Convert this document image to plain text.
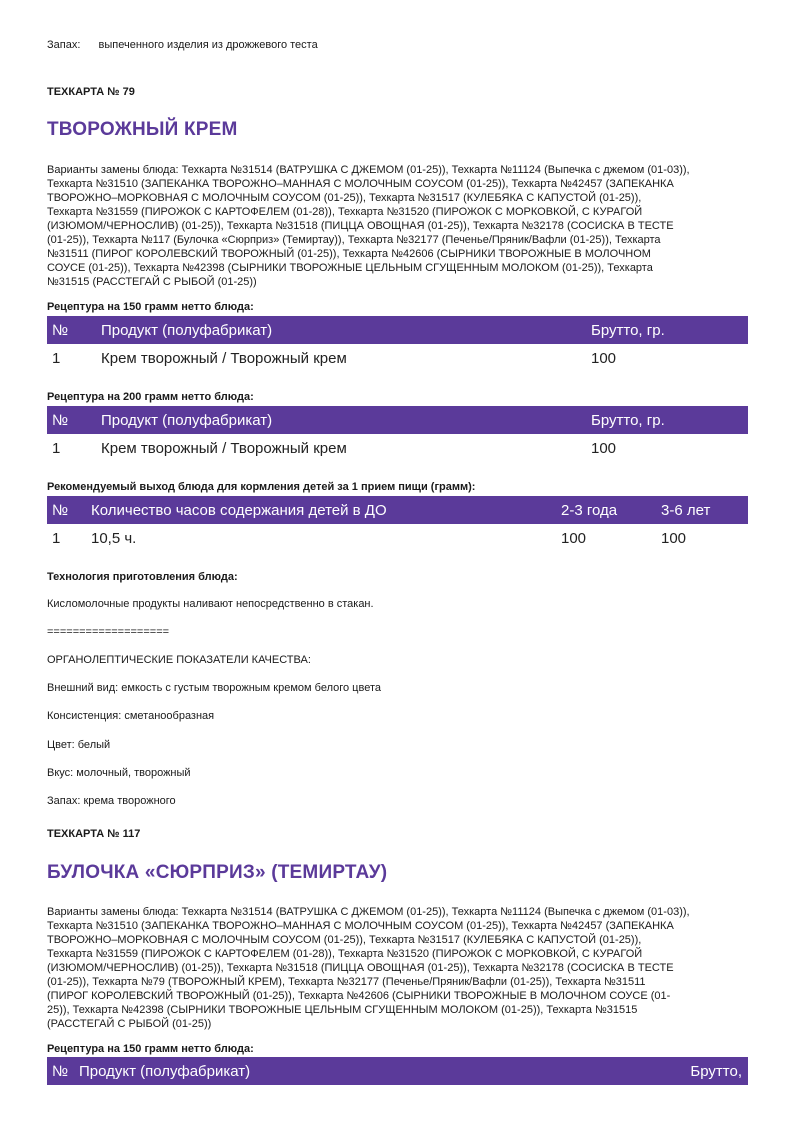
Запах: выпеченного изделия из дрожжевого теста
ТЕХКАРТА № 79
ТВОРОЖНЫЙ КРЕМ
Варианты замены блюда: Техкарта №31514 (ВАТРУШКА С ДЖЕМОМ (01-25)), Техкарта №11124 (Выпечка с джемом (01-03)),
Техкарта №31510 (ЗАПЕКАНКА ТВОРОЖНО–МАННАЯ С МОЛОЧНЫМ СОУСОМ (01-25)), Техкарта №42457 (ЗАПЕКАНКА
ТВОРОЖНО–МОРКОВНАЯ С МОЛОЧНЫМ СОУСОМ (01-25)), Техкарта №31517 (КУЛЕБЯКА С КАПУСТОЙ (01-25)),
Техкарта №31559 (ПИРОЖОК С КАРТОФЕЛЕМ (01-28)), Техкарта №31520 (ПИРОЖОК С МОРКОВКОЙ, С КУРАГОЙ
(ИЗЮМОМ/ЧЕРНОСЛИВ) (01-25)), Техкарта №31518 (ПИЦЦА ОВОЩНАЯ (01-25)), Техкарта №32178 (СОСИСКА В ТЕСТЕ
(01-25)), Техкарта №117 (Булочка «Сюрприз» (Темиртау)), Техкарта №32177 (Печенье/Пряник/Вафли (01-25)), Техкарта
№31511 (ПИРОГ КОРОЛЕВСКИЙ ТВОРОЖНЫЙ (01-25)), Техкарта №42606 (СЫРНИКИ ТВОРОЖНЫЕ В МОЛОЧНОМ
СОУСЕ (01-25)), Техкарта №42398 (СЫРНИКИ ТВОРОЖНЫЕ ЦЕЛЬНЫМ СГУЩЕННЫМ МОЛОКОМ (01-25)), Техкарта
№31515 (РАССТЕГАЙ С РЫБОЙ (01-25))
Рецептура на 150 грамм нетто блюда:
№	Продукт (полуфабрикат)	Брутто, гр.
1	Крем творожный / Творожный крем	100
Рецептура на 200 грамм нетто блюда:
№	Продукт (полуфабрикат)	Брутто, гр.
1	Крем творожный / Творожный крем	100
Рекомендуемый выход блюда для кормления детей за 1 прием пищи (грамм):
№	Количество часов содержания детей в ДО	2-3 года	3-6 лет
1	10,5 ч.	100	100
Технология приготовления блюда:
Кисломолочные продукты наливают непосредственно в стакан.
===================
ОРГАНОЛЕПТИЧЕСКИЕ ПОКАЗАТЕЛИ КАЧЕСТВА:
Внешний вид: емкость с густым творожным кремом белого цвета
Консистенция: сметанообразная
Цвет: белый
Вкус: молочный, творожный
Запах: крема творожного
ТЕХКАРТА № 117
БУЛОЧКА «СЮРПРИЗ» (ТЕМИРТАУ)
Варианты замены блюда: Техкарта №31514 (ВАТРУШКА С ДЖЕМОМ (01-25)), Техкарта №11124 (Выпечка с джемом (01-03)),
Техкарта №31510 (ЗАПЕКАНКА ТВОРОЖНО–МАННАЯ С МОЛОЧНЫМ СОУСОМ (01-25)), Техкарта №42457 (ЗАПЕКАНКА
ТВОРОЖНО–МОРКОВНАЯ С МОЛОЧНЫМ СОУСОМ (01-25)), Техкарта №31517 (КУЛЕБЯКА С КАПУСТОЙ (01-25)),
Техкарта №31559 (ПИРОЖОК С КАРТОФЕЛЕМ (01-28)), Техкарта №31520 (ПИРОЖОК С МОРКОВКОЙ, С КУРАГОЙ
(ИЗЮМОМ/ЧЕРНОСЛИВ) (01-25)), Техкарта №31518 (ПИЦЦА ОВОЩНАЯ (01-25)), Техкарта №32178 (СОСИСКА В ТЕСТЕ
(01-25)), Техкарта №79 (ТВОРОЖНЫЙ КРЕМ), Техкарта №32177 (Печенье/Пряник/Вафли (01-25)), Техкарта №31511
(ПИРОГ КОРОЛЕВСКИЙ ТВОРОЖНЫЙ (01-25)), Техкарта №42606 (СЫРНИКИ ТВОРОЖНЫЕ В МОЛОЧНОМ СОУСЕ (01-
25)), Техкарта №42398 (СЫРНИКИ ТВОРОЖНЫЕ ЦЕЛЬНЫМ СГУЩЕННЫМ МОЛОКОМ (01-25)), Техкарта №31515
(РАССТЕГАЙ С РЫБОЙ (01-25))
Рецептура на 150 грамм нетто блюда:
№	Продукт (полуфабрикат)	Брутто,
